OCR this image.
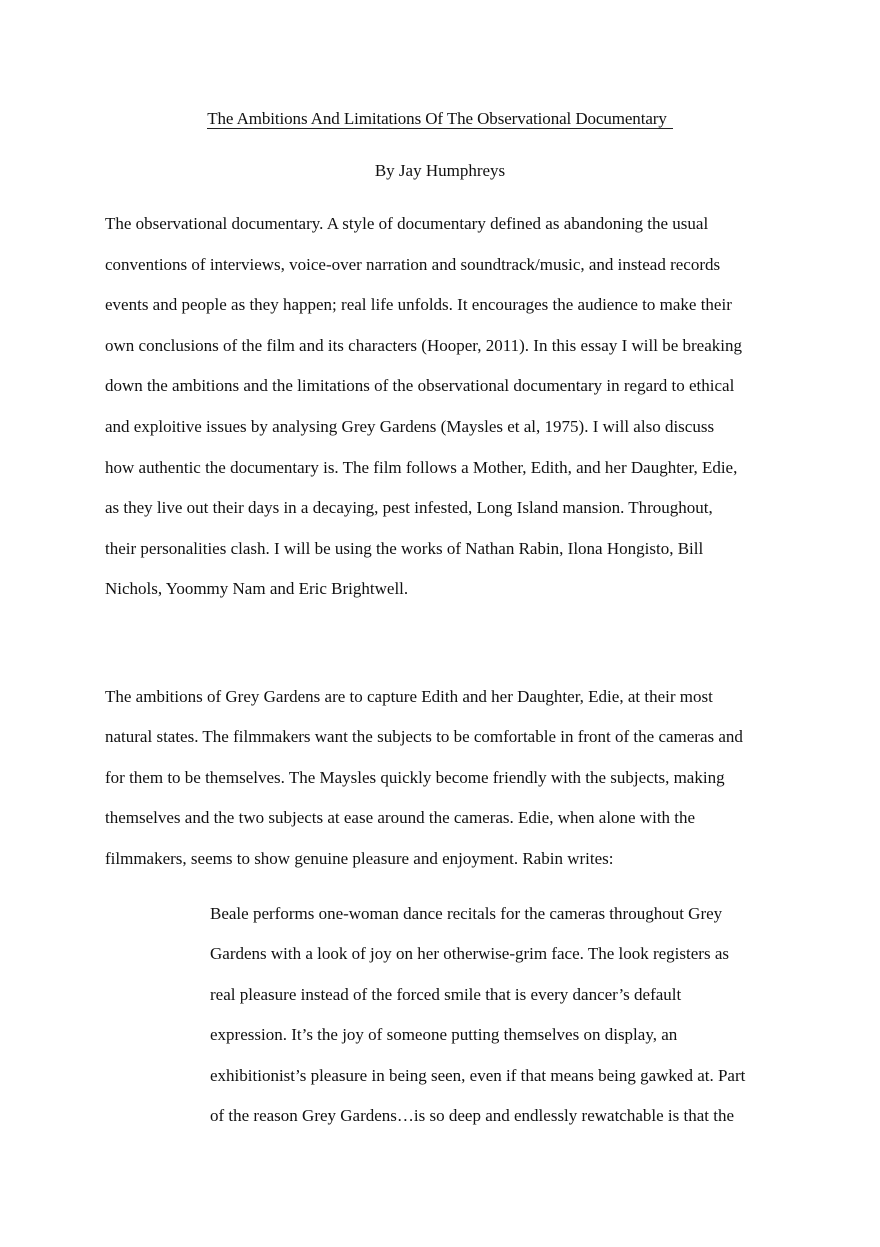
The Ambitions And Limitations Of The Observational Documentary

By Jay Humphreys

The observational documentary. A style of documentary defined as abandoning the usual

conventions of interviews, voice-over narration and soundtrack/music, and instead records

events and people as they happen; real life unfolds. It encourages the audience to make their

own conclusions of the film and its characters (Hooper, 2011). In this essay I will be breaking

down the ambitions and the limitations of the observational documentary in regard to ethical

and exploitive issues by analysing Grey Gardens (Maysles et al, 1975). I will also discuss

how authentic the documentary is. The film follows a Mother, Edith, and her Daughter, Edie,

as they live out their days in a decaying, pest infested, Long Island mansion. Throughout,

their personalities clash. I will be using the works of Nathan Rabin, Ilona Hongisto, Bill

Nichols, Yoommy Nam and Eric Brightwell.

The ambitions of Grey Gardens are to capture Edith and her Daughter, Edie, at their most

natural states. The filmmakers want the subjects to be comfortable in front of the cameras and

for them to be themselves. The Maysles quickly become friendly with the subjects, making

themselves and the two subjects at ease around the cameras. Edie, when alone with the

filmmakers, seems to show genuine pleasure and enjoyment. Rabin writes:

Beale performs one-woman dance recitals for the cameras throughout Grey

Gardens with a look of joy on her otherwise-grim face. The look registers as

real pleasure instead of the forced smile that is every dancer’s default

expression. It’s the joy of someone putting themselves on display, an

exhibitionist’s pleasure in being seen, even if that means being gawked at. Part

of the reason Grey Gardens…is so deep and endlessly rewatchable is that the
